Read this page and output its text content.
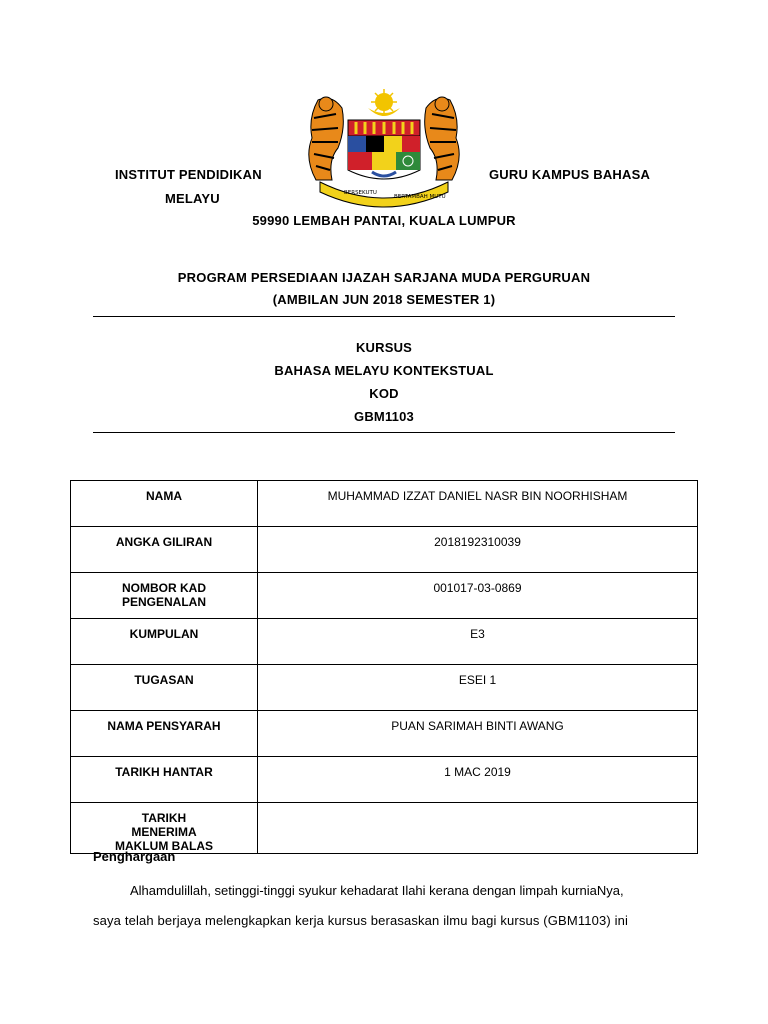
BERSEKUTU
BERTAMBAH MUTU
INSTITUT PENDIDIKAN	GURU KAMPUS BAHASA
MELAYU
59990 LEMBAH PANTAI, KUALA LUMPUR
PROGRAM PERSEDIAAN IJAZAH SARJANA MUDA PERGURUAN
(AMBILAN JUN 2018 SEMESTER 1)
KURSUS
BAHASA MELAYU KONTEKSTUAL
KOD
GBM1103
NAMA	MUHAMMAD IZZAT DANIEL NASR BIN NOORHISHAM

ANGKA GILIRAN	2018192310039

NOMBOR KAD PENGENALAN	001017-03-0869

KUMPULAN	E3

TUGASAN	ESEI 1

NAMA PENSYARAH	PUAN SARIMAH BINTI AWANG

TARIKH HANTAR	1 MAC 2019

TARIKH MENERIMA MAKLUM BALAS	

Penghargaan
Alhamdulillah, setinggi-tinggi syukur kehadarat Ilahi kerana dengan limpah kurniaNya,
saya telah berjaya melengkapkan kerja kursus berasaskan ilmu bagi kursus (GBM1103) ini
